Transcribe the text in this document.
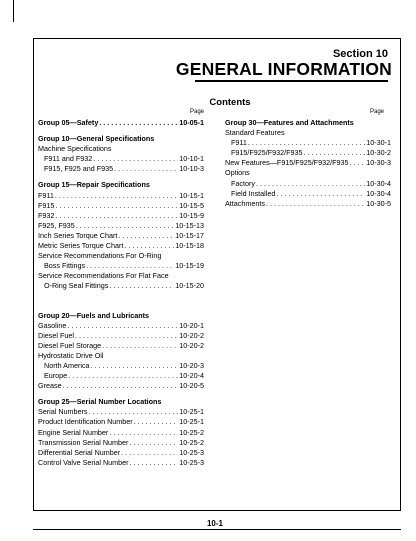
Section 10
GENERAL INFORMATION
Contents
Page	Page
Group 05—Safety . . .	10-05-1
Group 10—General Specifications
Machine Specifications
F911 and F932 . . .	10-10-1
F915, F925 and F935 . . .	10-10-3
Group 15—Repair Specifications
F911 . . .	10-15-1
F915 . . .	10-15-5
F932 . . .	10-15-9
F925, F935 . . .	10-15-13
Inch Series Torque Chart . . .	10-15-17
Metric Series Torque Chart . . .	10-15-18
Service Recommendations For O-Ring
Boss Fittings . . .	10-15-19
Service Recommendations For Flat Face
O-Ring Seal Fittings . . .	10-15-20
Group 20—Fuels and Lubricants
Gasoline . . .	10-20-1
Diesel Fuel . . .	10-20-2
Diesel Fuel Storage . . .	10-20-2
Hydrostatic Drive Oil
North America . . .	10-20-3
Europe . . .	10-20-4
Grease . . .	10-20-5
Group 25—Serial Number Locations
Serial Numbers . . .	10-25-1
Product Identification Number . . .	10-25-1
Engine Serial Number . . .	10-25-2
Transmission Serial Number . . .	10-25-2
Differential Serial Number . . .	10-25-3
Control Valve Serial Number . . .	10-25-3
Group 30—Features and Attachments
Standard Features
F911 . . .	10-30-1
F915/F925/F932/F935 . . .	10-30-2
New Features—F915/F925/F932/F935 . . . 10-30-3
Options
Factory . . .	10-30-4
Field Installed . . .	10-30-4
Attachments . . .	10-30-5
10-1
